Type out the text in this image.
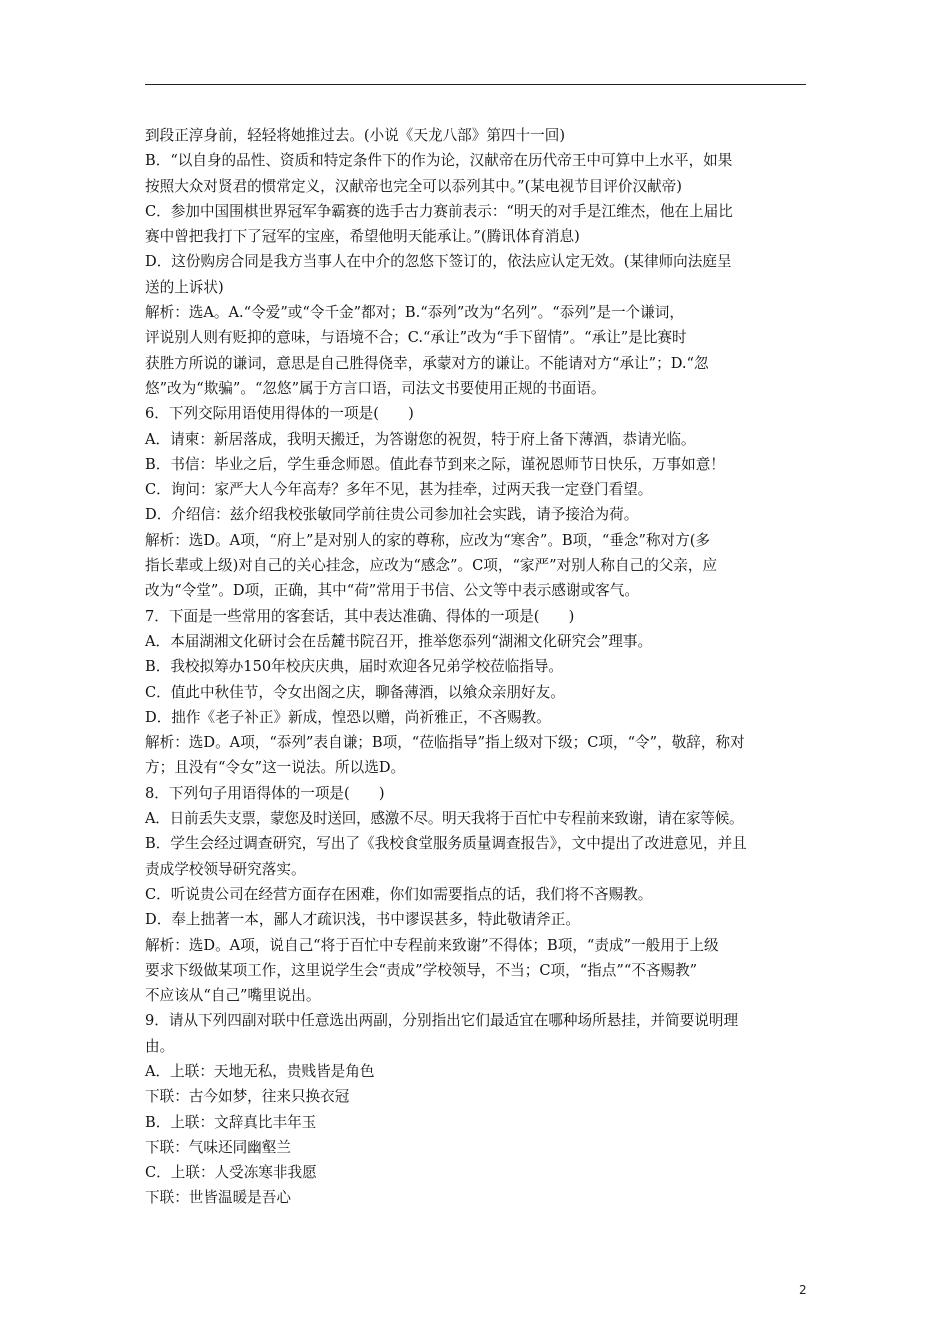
到段正淳身前，轻轻将她推过去。(小说《天龙八部》第四十一回)
B．“以自身的品性、资质和特定条件下的作为论，汉献帝在历代帝王中可算中上水平，如果
按照大众对贤君的惯常定义，汉献帝也完全可以忝列其中。”(某电视节目评价汉献帝)
C．参加中国围棋世界冠军争霸赛的选手古力赛前表示：“明天的对手是江维杰，他在上届比
赛中曾把我打下了冠军的宝座，希望他明天能承让。”(腾讯体育消息)
D．这份购房合同是我方当事人在中介的忽悠下签订的，依法应认定无效。(某律师向法庭呈
送的上诉状)
解析：选A。A.“令爱”或“令千金”都对；B.“忝列”改为“名列”。“忝列”是一个谦词，
评说别人则有贬抑的意味，与语境不合；C.“承让”改为“手下留情”。“承让”是比赛时
获胜方所说的谦词，意思是自己胜得侥幸，承蒙对方的谦让。不能请对方“承让”；D.“忽
悠”改为“欺骗”。“忽悠”属于方言口语，司法文书要使用正规的书面语。
6．下列交际用语使用得体的一项是(　　)
A．请柬：新居落成，我明天搬迁，为答谢您的祝贺，特于府上备下薄酒，恭请光临。
B．书信：毕业之后，学生垂念师恩。值此春节到来之际，谨祝恩师节日快乐，万事如意！
C．询问：家严大人今年高寿？多年不见，甚为挂牵，过两天我一定登门看望。
D．介绍信：兹介绍我校张敏同学前往贵公司参加社会实践，请予接洽为荷。
解析：选D。A项，“府上”是对别人的家的尊称，应改为“寒舍”。B项，“垂念”称对方(多
指长辈或上级)对自己的关心挂念，应改为“感念”。C项，“家严”对别人称自己的父亲，应
改为“令堂”。D项，正确，其中“荷”常用于书信、公文等中表示感谢或客气。
7．下面是一些常用的客套话，其中表达准确、得体的一项是(　　)
A．本届湖湘文化研讨会在岳麓书院召开，推举您忝列“湖湘文化研究会”理事。
B．我校拟筹办150年校庆庆典，届时欢迎各兄弟学校莅临指导。
C．值此中秋佳节，令女出阁之庆，聊备薄酒，以飨众亲朋好友。
D．拙作《老子补正》新成，惶恐以赠，尚祈雅正，不吝赐教。
解析：选D。A项，“忝列”表自谦；B项，“莅临指导”指上级对下级；C项，“令”，敬辞，称对
方；且没有“令女”这一说法。所以选D。
8．下列句子用语得体的一项是(　　)
A．日前丢失支票，蒙您及时送回，感激不尽。明天我将于百忙中专程前来致谢，请在家等候。
B．学生会经过调查研究，写出了《我校食堂服务质量调查报告》，文中提出了改进意见，并且
责成学校领导研究落实。
C．听说贵公司在经营方面存在困难，你们如需要指点的话，我们将不吝赐教。
D．奉上拙著一本，鄙人才疏识浅，书中谬误甚多，特此敬请斧正。
解析：选D。A项，说自己“将于百忙中专程前来致谢”不得体；B项，“责成”一般用于上级
要求下级做某项工作，这里说学生会“责成”学校领导，不当；C项，“指点”“不吝赐教”
不应该从“自己”嘴里说出。
9．请从下列四副对联中任意选出两副，分别指出它们最适宜在哪种场所悬挂，并简要说明理
由。
A．上联：天地无私，贵贱皆是角色
下联：古今如梦，往来只换衣冠
B．上联：文辞真比丰年玉
下联：气味还同幽壑兰
C．上联：人受冻寒非我愿
下联：世皆温暖是吾心
2
